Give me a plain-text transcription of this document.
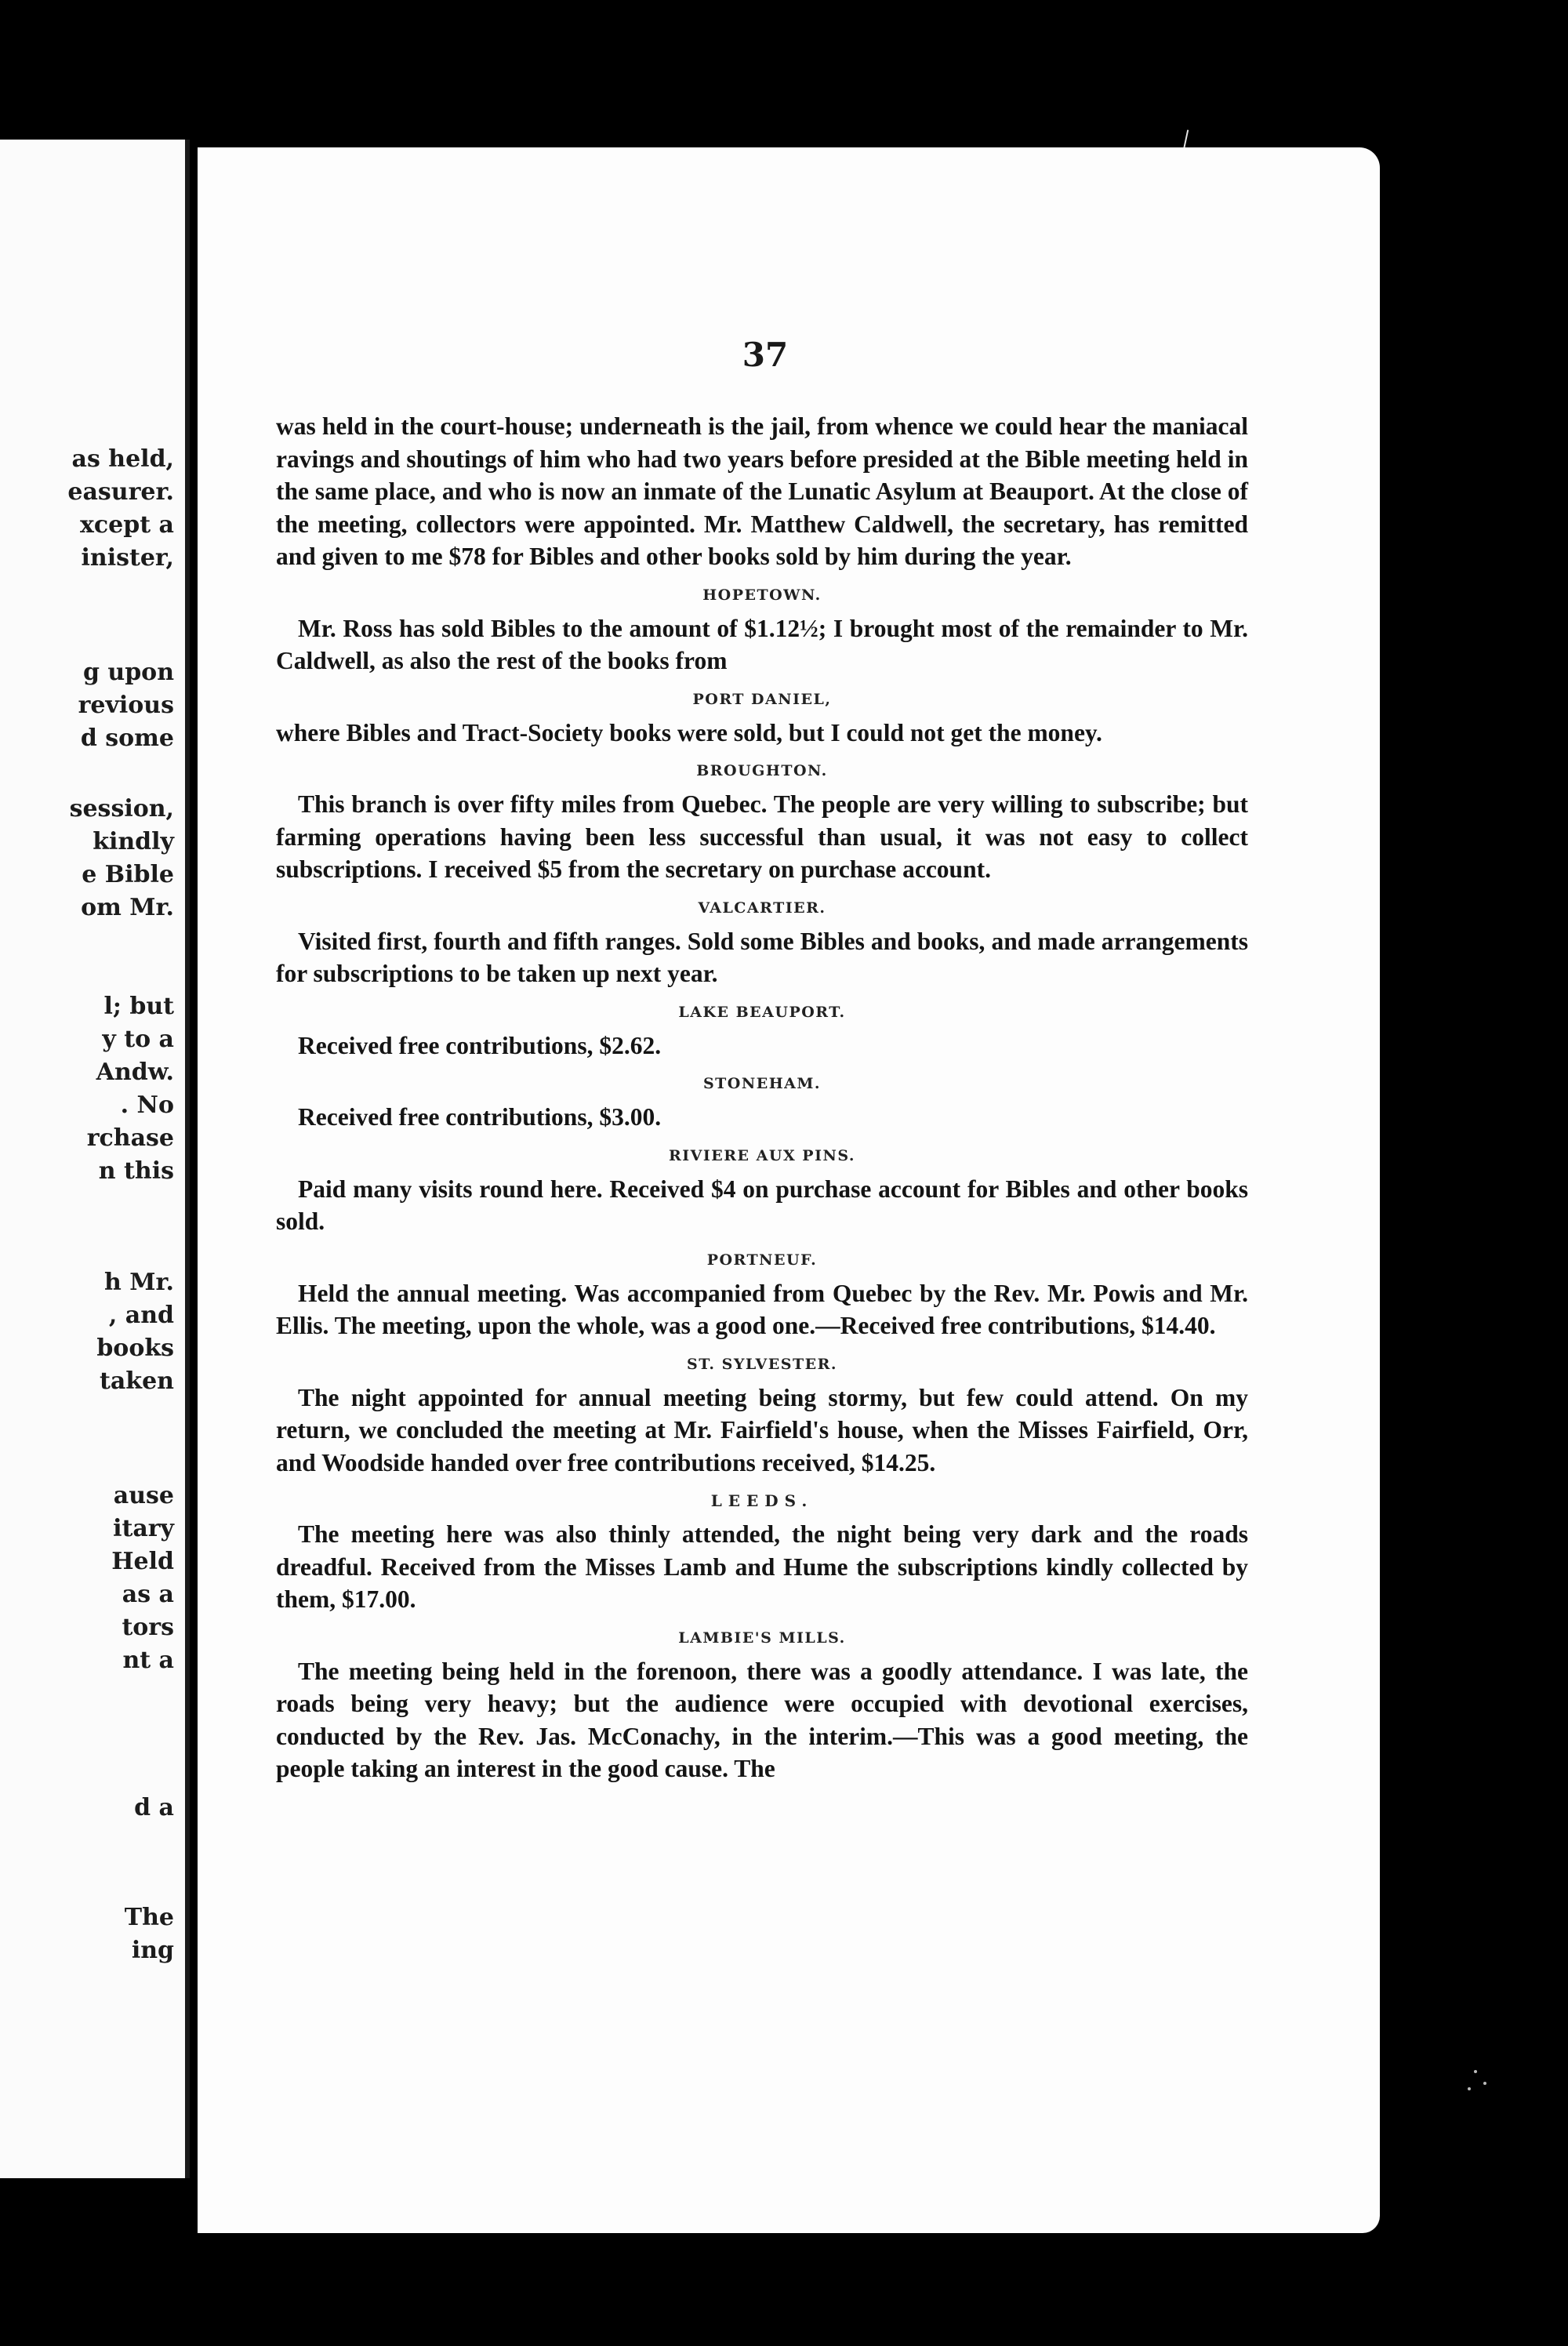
as held,
easurer.
xcept a
inister,
g upon
revious
d some
session,
kindly
e Bible
om Mr.
l; but
y to a
Andw.
. No
rchase
n this
h Mr.
, and
books
taken
ause
itary
Held
as a
tors
nt a
d a
The
ing
37

was held in the court-house; underneath is the jail, from whence we could hear the maniacal ravings and shoutings of him who had two years before presided at the Bible meeting held in the same place, and who is now an inmate of the Lunatic Asylum at Beauport. At the close of the meeting, collectors were appointed. Mr. Matthew Caldwell, the secretary, has remitted and given to me $78 for Bibles and other books sold by him during the year.

HOPETOWN.

Mr. Ross has sold Bibles to the amount of $1.12½; I brought most of the remainder to Mr. Caldwell, as also the rest of the books from

PORT DANIEL,

where Bibles and Tract-Society books were sold, but I could not get the money.

BROUGHTON.

This branch is over fifty miles from Quebec. The people are very willing to subscribe; but farming operations having been less successful than usual, it was not easy to collect subscriptions. I received $5 from the secretary on purchase account.

VALCARTIER.

Visited first, fourth and fifth ranges. Sold some Bibles and books, and made arrangements for subscriptions to be taken up next year.

LAKE BEAUPORT.

Received free contributions, $2.62.

STONEHAM.

Received free contributions, $3.00.

RIVIERE AUX PINS.

Paid many visits round here. Received $4 on purchase account for Bibles and other books sold.

PORTNEUF.

Held the annual meeting. Was accompanied from Quebec by the Rev. Mr. Powis and Mr. Ellis. The meeting, upon the whole, was a good one.—Received free contributions, $14.40.

ST. SYLVESTER.

The night appointed for annual meeting being stormy, but few could attend. On my return, we concluded the meeting at Mr. Fairfield's house, when the Misses Fairfield, Orr, and Woodside handed over free contributions received, $14.25.

LEEDS.

The meeting here was also thinly attended, the night being very dark and the roads dreadful. Received from the Misses Lamb and Hume the subscriptions kindly collected by them, $17.00.

LAMBIE'S MILLS.

The meeting being held in the forenoon, there was a goodly attendance. I was late, the roads being very heavy; but the audience were occupied with devotional exercises, conducted by the Rev. Jas. McConachy, in the interim.—This was a good meeting, the people taking an interest in the good cause. The
